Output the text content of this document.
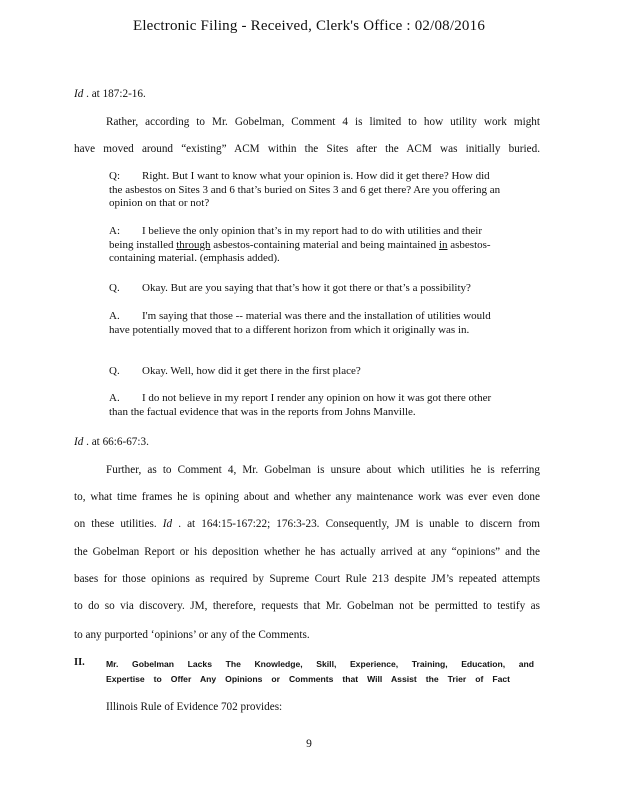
Electronic Filing - Received, Clerk's Office : 02/08/2016
Id . at 187:2-16.
Rather, according to Mr. Gobelman, Comment 4 is limited to how utility work might
have moved around “existing” ACM within the Sites after the ACM was initially buried.
Q: Right. But I want to know what your opinion is. How did it get there? How did the asbestos on Sites 3 and 6 that’s buried on Sites 3 and 6 get there? Are you offering an opinion on that or not?
A: I believe the only opinion that’s in my report had to do with utilities and their being installed through asbestos-containing material and being maintained in asbestos-containing material. (emphasis added).
Q. Okay. But are you saying that that’s how it got there or that’s a possibility?
A. I'm saying that those -- material was there and the installation of utilities would have potentially moved that to a different horizon from which it originally was in.
Q. Okay. Well, how did it get there in the first place?
A. I do not believe in my report I render any opinion on how it was got there other than the factual evidence that was in the reports from Johns Manville.
Id . at 66:6-67:3.
Further, as to Comment 4, Mr. Gobelman is unsure about which utilities he is referring
to, what time frames he is opining about and whether any maintenance work was ever even done
on these utilities. Id . at 164:15-167:22; 176:3-23. Consequently, JM is unable to discern from
the Gobelman Report or his deposition whether he has actually arrived at any “opinions” and the
bases for those opinions as required by Supreme Court Rule 213 despite JM’s repeated attempts
to do so via discovery. JM, therefore, requests that Mr. Gobelman not be permitted to testify as
to any purported ‘opinions’ or any of the Comments.
II. Mr. Gobelman Lacks The Knowledge, Skill, Experience, Training, Education, and
Expertise to Offer Any Opinions or Comments that Will Assist the Trier of Fact
Illinois Rule of Evidence 702 provides:
9
